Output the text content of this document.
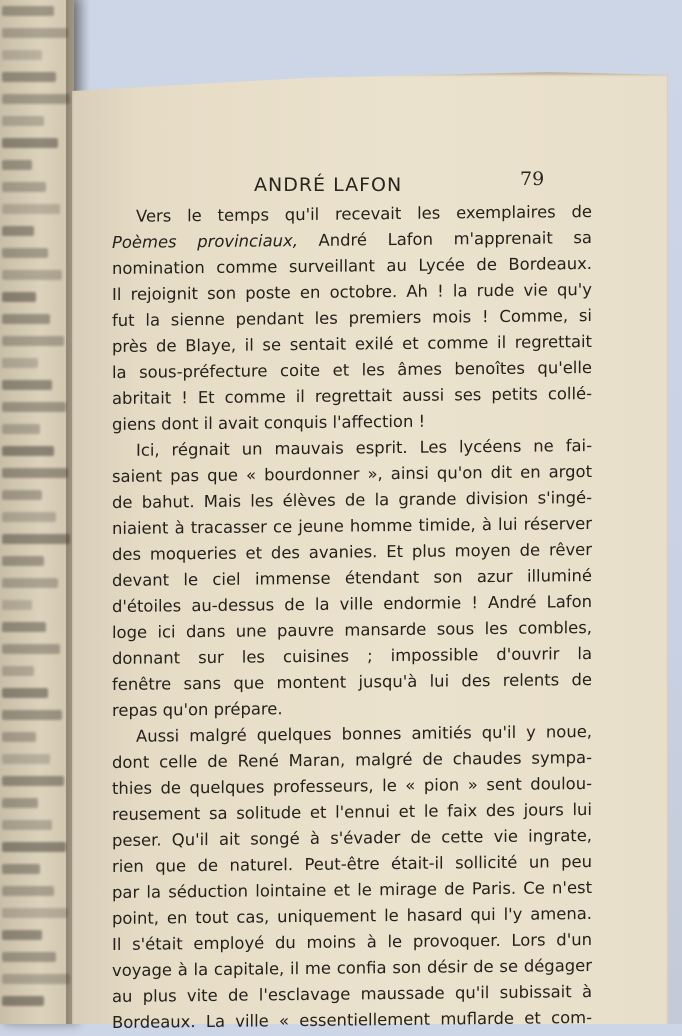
ANDRÉ LAFON	79
Vers le temps qu'il recevait les exemplaires de
Poèmes provinciaux, André Lafon m'apprenait sa
nomination comme surveillant au Lycée de Bordeaux.
Il rejoignit son poste en octobre. Ah ! la rude vie qu'y
fut la sienne pendant les premiers mois ! Comme, si
près de Blaye, il se sentait exilé et comme il regrettait
la sous-préfecture coite et les âmes benoîtes qu'elle
abritait ! Et comme il regrettait aussi ses petits collé-
giens dont il avait conquis l'affection !
Ici, régnait un mauvais esprit. Les lycéens ne fai-
saient pas que « bourdonner », ainsi qu'on dit en argot
de bahut. Mais les élèves de la grande division s'ingé-
niaient à tracasser ce jeune homme timide, à lui réserver
des moqueries et des avanies. Et plus moyen de rêver
devant le ciel immense étendant son azur illuminé
d'étoiles au-dessus de la ville endormie ! André Lafon
loge ici dans une pauvre mansarde sous les combles,
donnant sur les cuisines ; impossible d'ouvrir la
fenêtre sans que montent jusqu'à lui des relents de
repas qu'on prépare.
Aussi malgré quelques bonnes amitiés qu'il y noue,
dont celle de René Maran, malgré de chaudes sympa-
thies de quelques professeurs, le « pion » sent doulou-
reusement sa solitude et l'ennui et le faix des jours lui
peser. Qu'il ait songé à s'évader de cette vie ingrate,
rien que de naturel. Peut-être était-il sollicité un peu
par la séduction lointaine et le mirage de Paris. Ce n'est
point, en tout cas, uniquement le hasard qui l'y amena.
Il s'était employé du moins à le provoquer. Lors d'un
voyage à la capitale, il me confia son désir de se dégager
au plus vite de l'esclavage maussade qu'il subissait à
Bordeaux. La ville « essentiellement muflarde et com-
